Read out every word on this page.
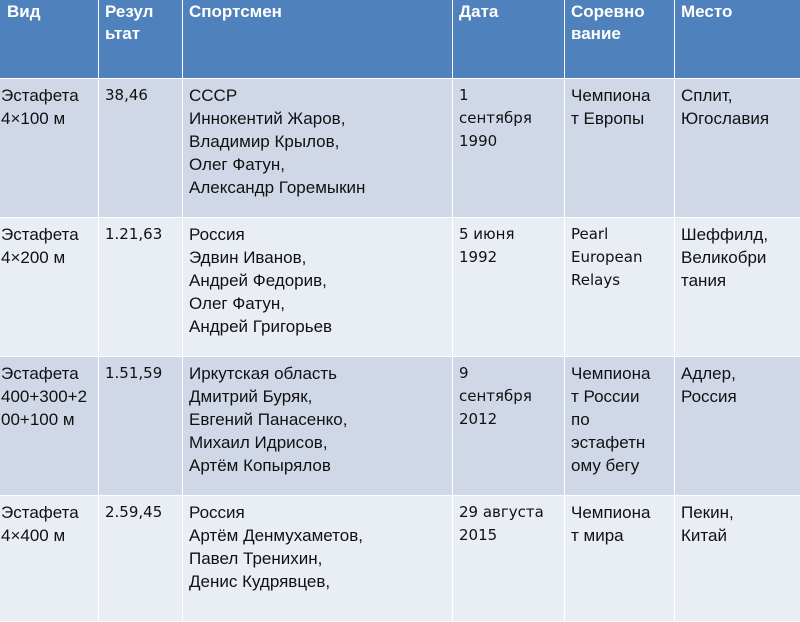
Вид	Резул ьтат	Спортсмен	Дата	Соревно вание	Место

Эстафета
4×100 м	38,46	СССР
Иннокентий Жаров,
Владимир Крылов,
Олег Фатун,
Александр Горемыкин	1
сентября
1990	Чемпиона
т Европы	Сплит,
Югославия

Эстафета
4×200 м	1.21,63	Россия
Эдвин Иванов,
Андрей Федорив,
Олег Фатун,
Андрей Григорьев	5 июня
1992	Pearl
European
Relays	Шеффилд,
Великобри
тания

Эстафета
400+300+2
00+100 м	1.51,59	Иркутская область
Дмитрий Буряк,
Евгений Панасенко,
Михаил Идрисов,
Артём Копырялов	9
сентября
2012	Чемпиона
т России
по
эстафетн
ому бегу	Адлер,
Россия

Эстафета
4×400 м	2.59,45	Россия
Артём Денмухаметов,
Павел Тренихин,
Денис Кудрявцев,	29 августа
2015	Чемпиона
т мира	Пекин,
Китай
